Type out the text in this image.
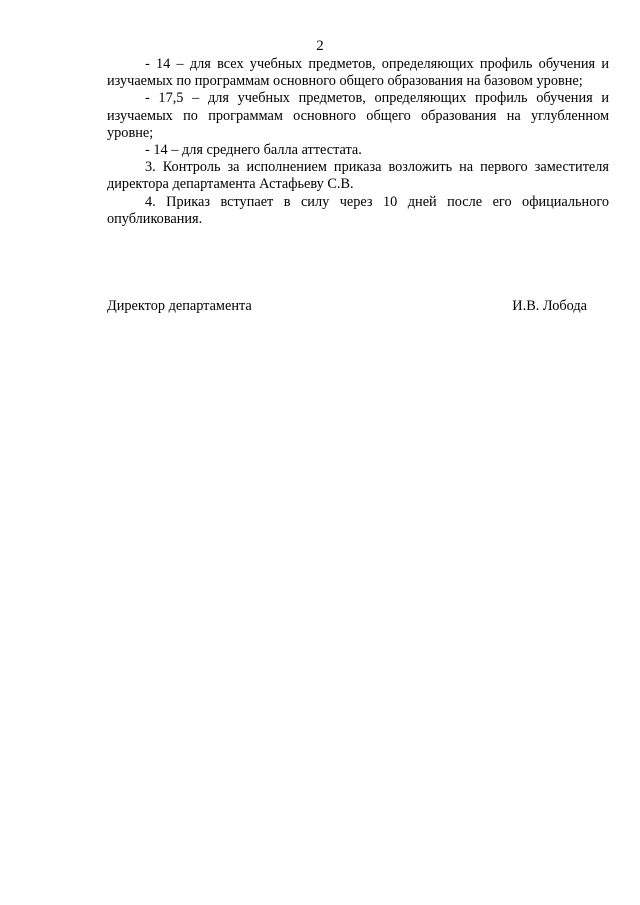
2

- 14 – для всех учебных предметов, определяющих профиль обучения и изучаемых по программам основного общего образования на базовом уровне;

- 17,5 – для учебных предметов, определяющих профиль обучения и изучаемых по программам основного общего образования на углубленном уровне;

- 14 – для среднего балла аттестата.

3. Контроль за исполнением приказа возложить на первого заместителя директора департамента Астафьеву С.В.

4. Приказ вступает в силу через 10 дней после его официального опубликования.

Директор департамента	И.В. Лобода
